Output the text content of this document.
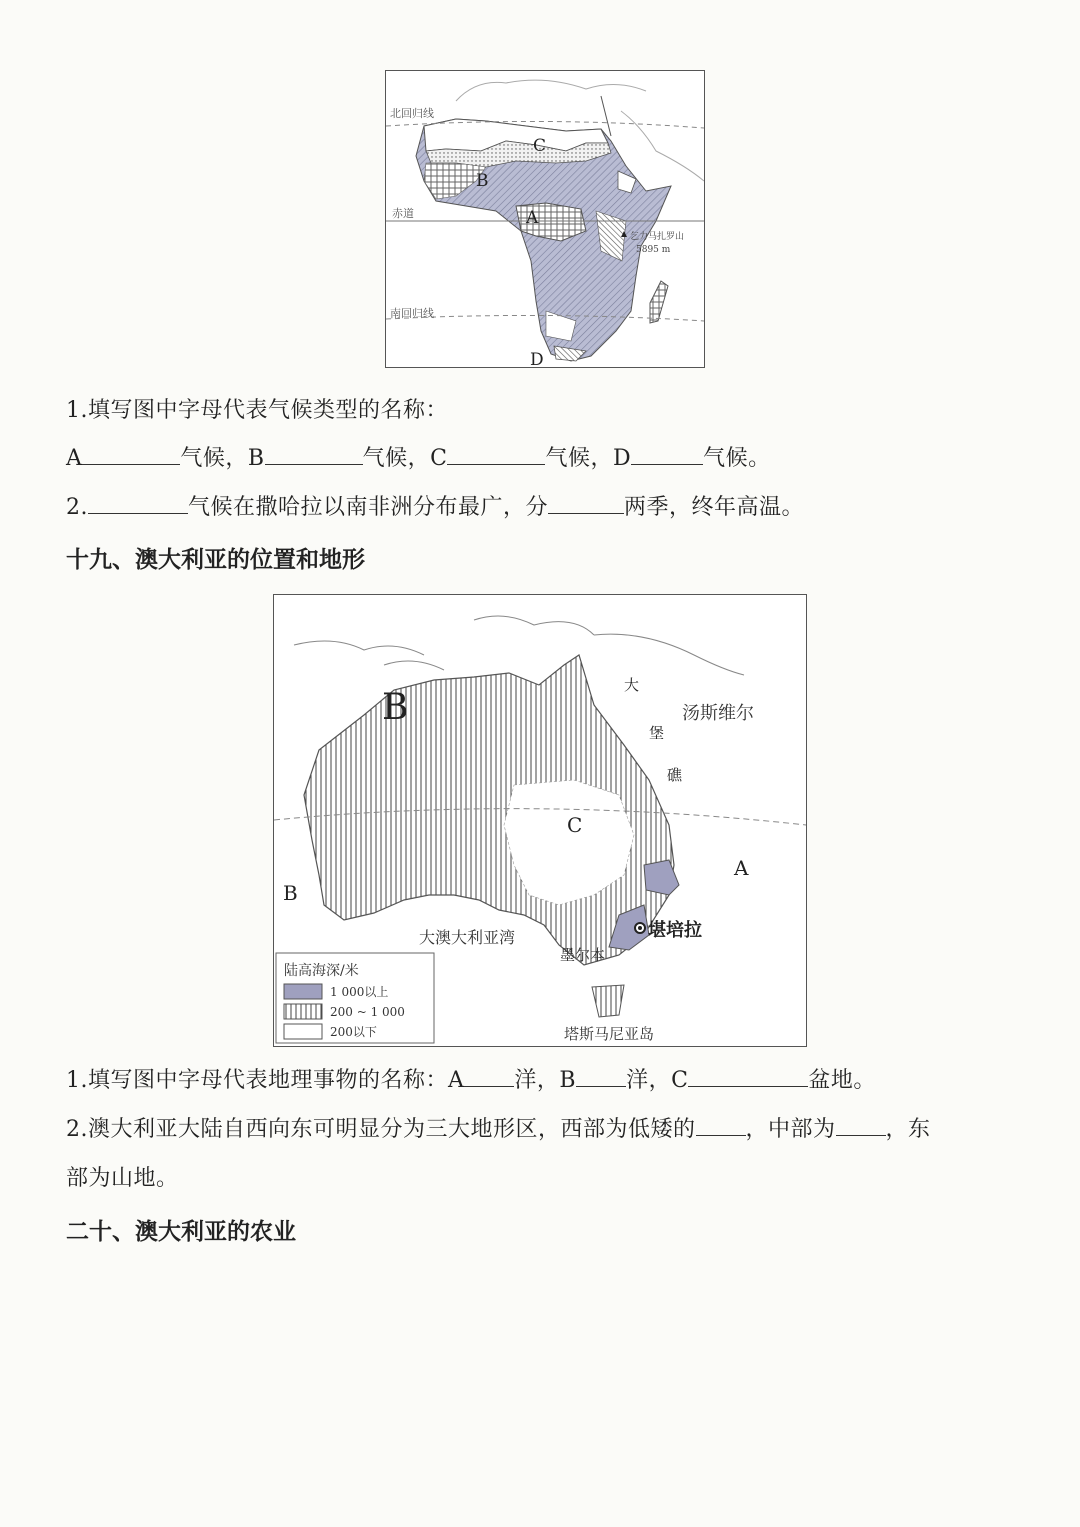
北回归线
赤道
南回归线
乞力马扎罗山
5895 m
A
B
C
D
1.填写图中字母代表气候类型的名称：
A	气候，B	气候，C	气候，D	气候。
2.	气候在撒哈拉以南非洲分布最广，分	两季，终年高温。
十九、澳大利亚的位置和地形
大
堡
礁
汤斯维尔
A
B
B
C
大澳大利亚湾	堪培拉
墨尔本
塔斯马尼亚岛
陆高海深/米
1 000以上
200 ~ 1 000
200以下
1.填写图中字母代表地理事物的名称：A 洋，B 洋，C	盆地。
2.澳大利亚大陆自西向东可明显分为三大地形区，西部为低矮的 ，中部为 ，东
部为山地。
二十、澳大利亚的农业
